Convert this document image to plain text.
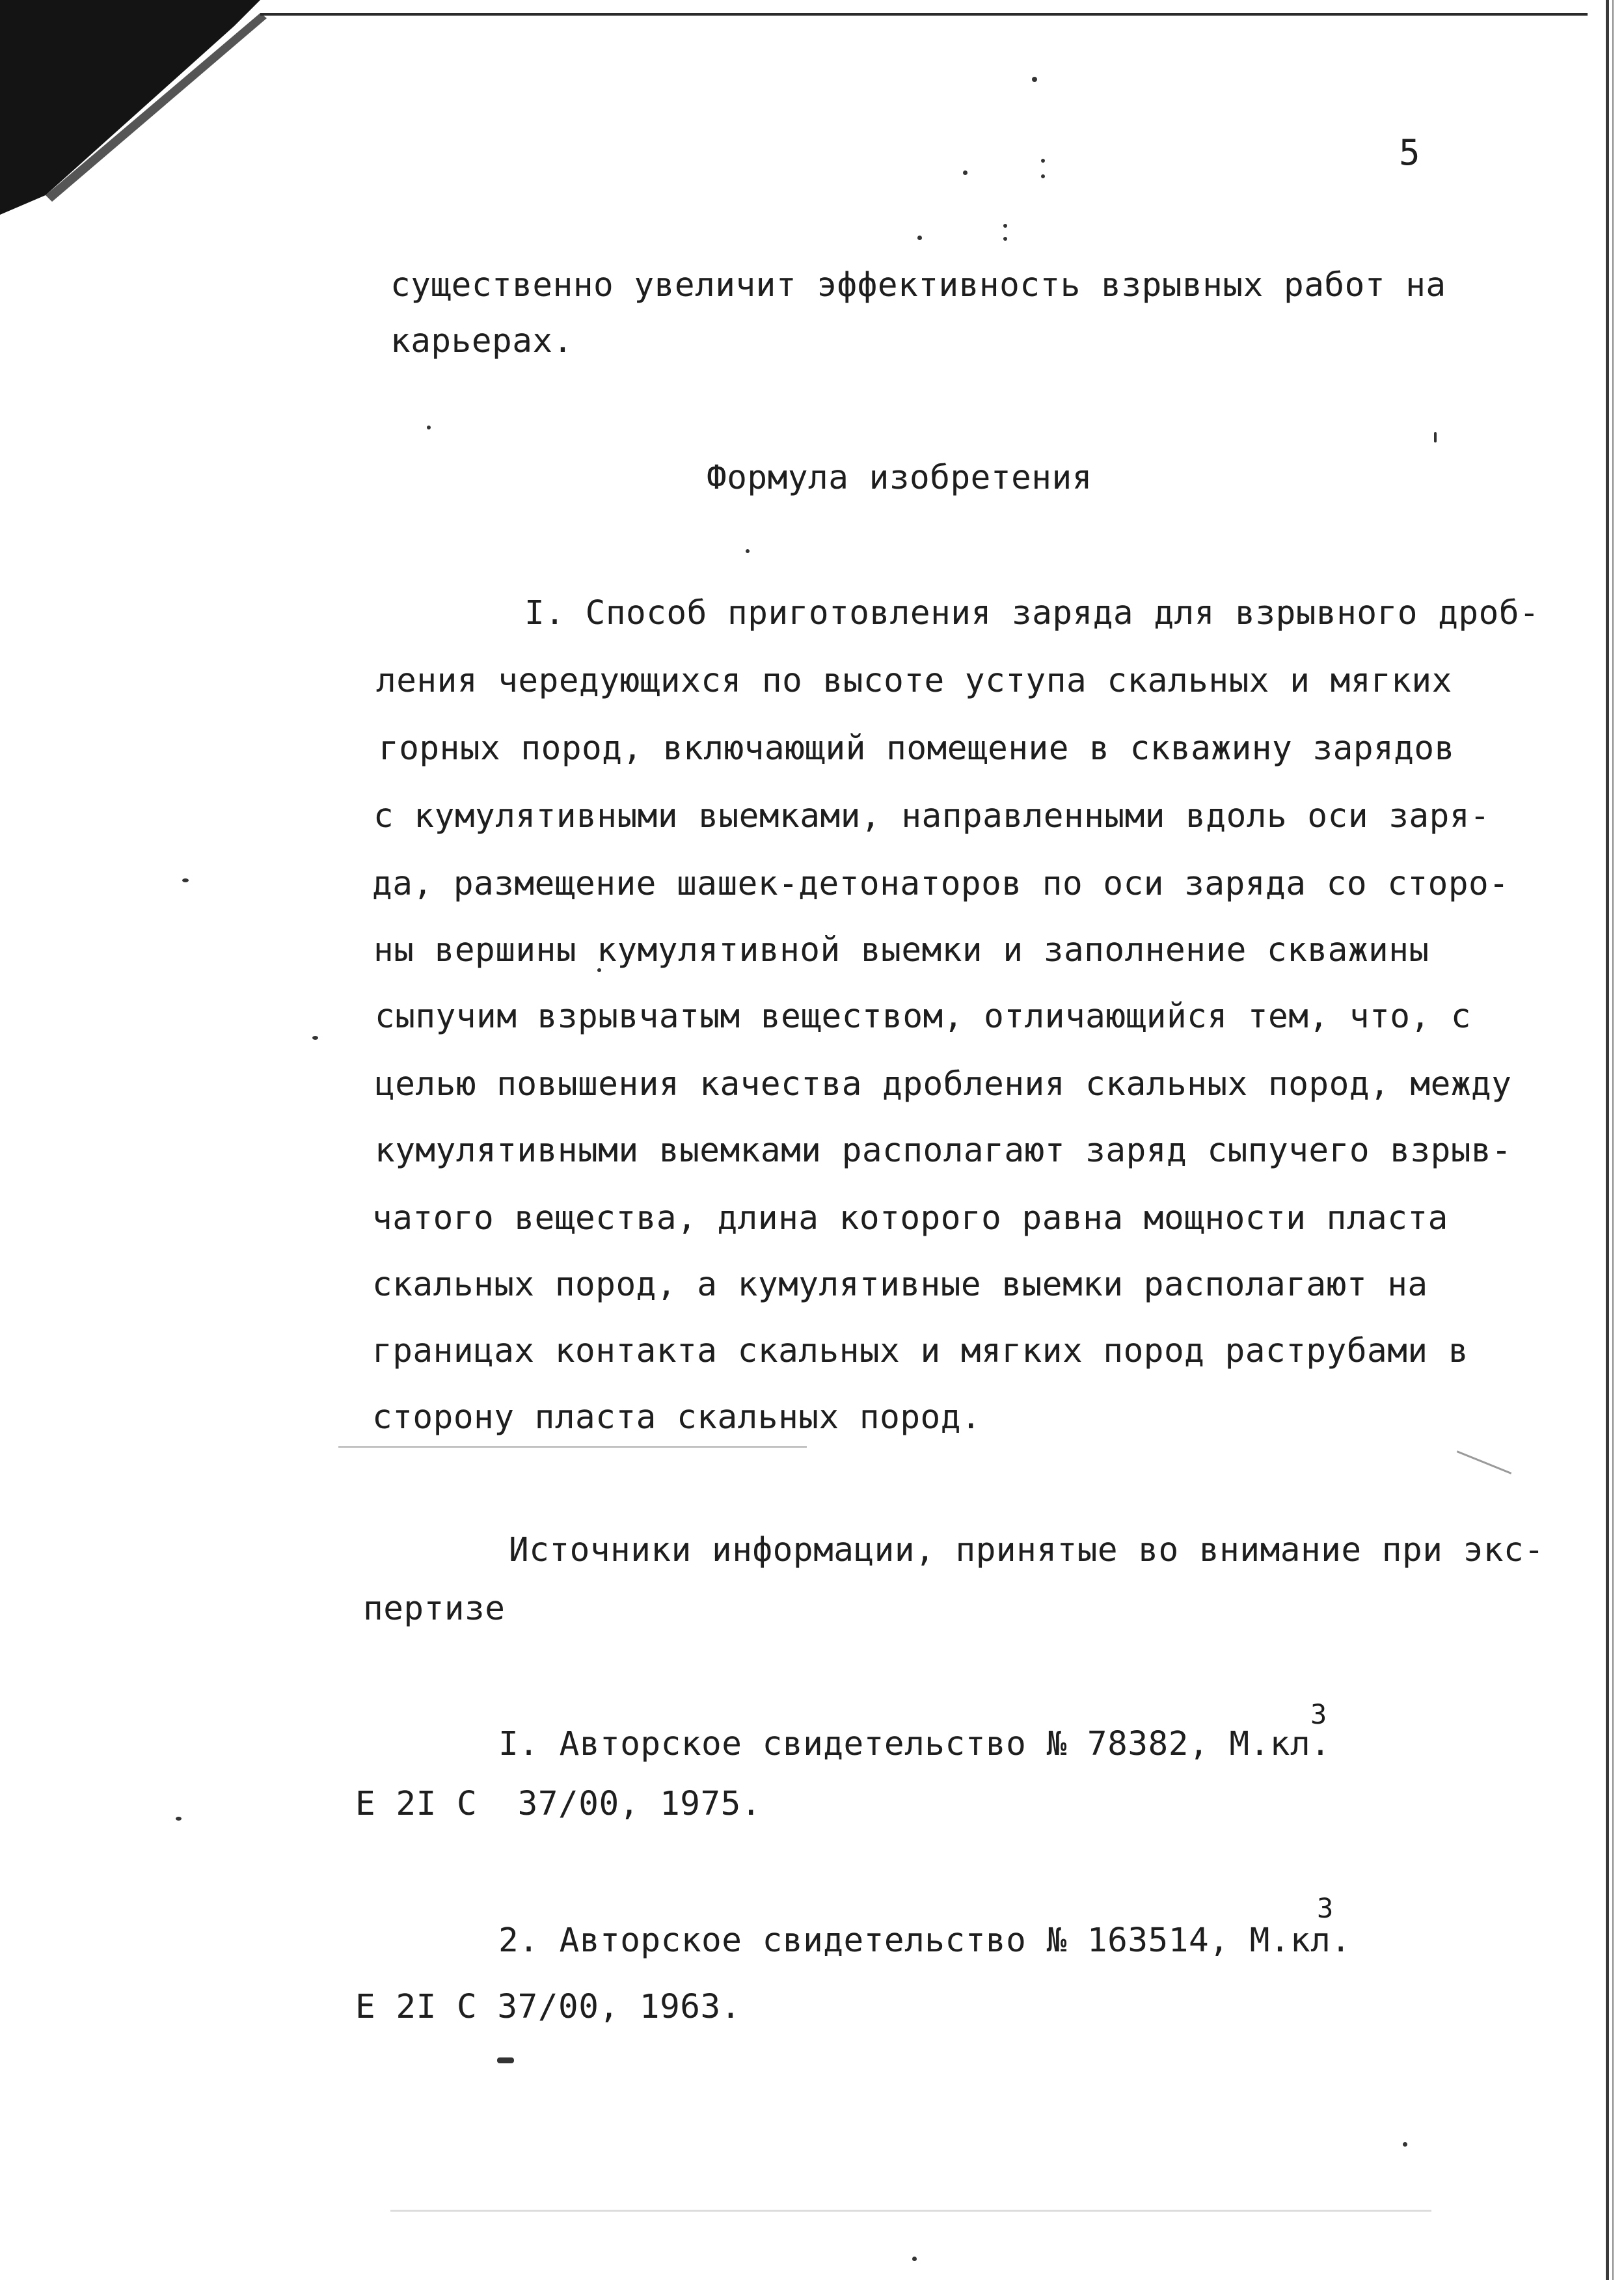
5

существенно увеличит эффективность взрывных работ на

карьерах.

Формула изобретения

I. Способ приготовления заряда для взрывного дроб-

ления чередующихся по высоте уступа скальных и мягких

горных пород, включающий помещение в скважину зарядов

с кумулятивными выемками, направленными вдоль оси заря-

да, размещение шашек-детонаторов по оси заряда со сторо-

ны вершины кумулятивной выемки и заполнение скважины

сыпучим взрывчатым веществом, отличающийся тем, что, с

целью повышения качества дробления скальных пород, между

кумулятивными выемками располагают заряд сыпучего взрыв-

чатого вещества, длина которого равна мощности пласта

скальных пород, а кумулятивные выемки располагают на

границах контакта скальных и мягких пород раструбами в

сторону пласта скальных пород.

Источники информации, принятые во внимание при экс-

пертизе

I. Авторское свидетельство № 78382, М.кл.

3

Е 2I С  37/00, 1975.

2. Авторское свидетельство № 163514, М.кл.

3

Е 2I С 37/00, 1963.
